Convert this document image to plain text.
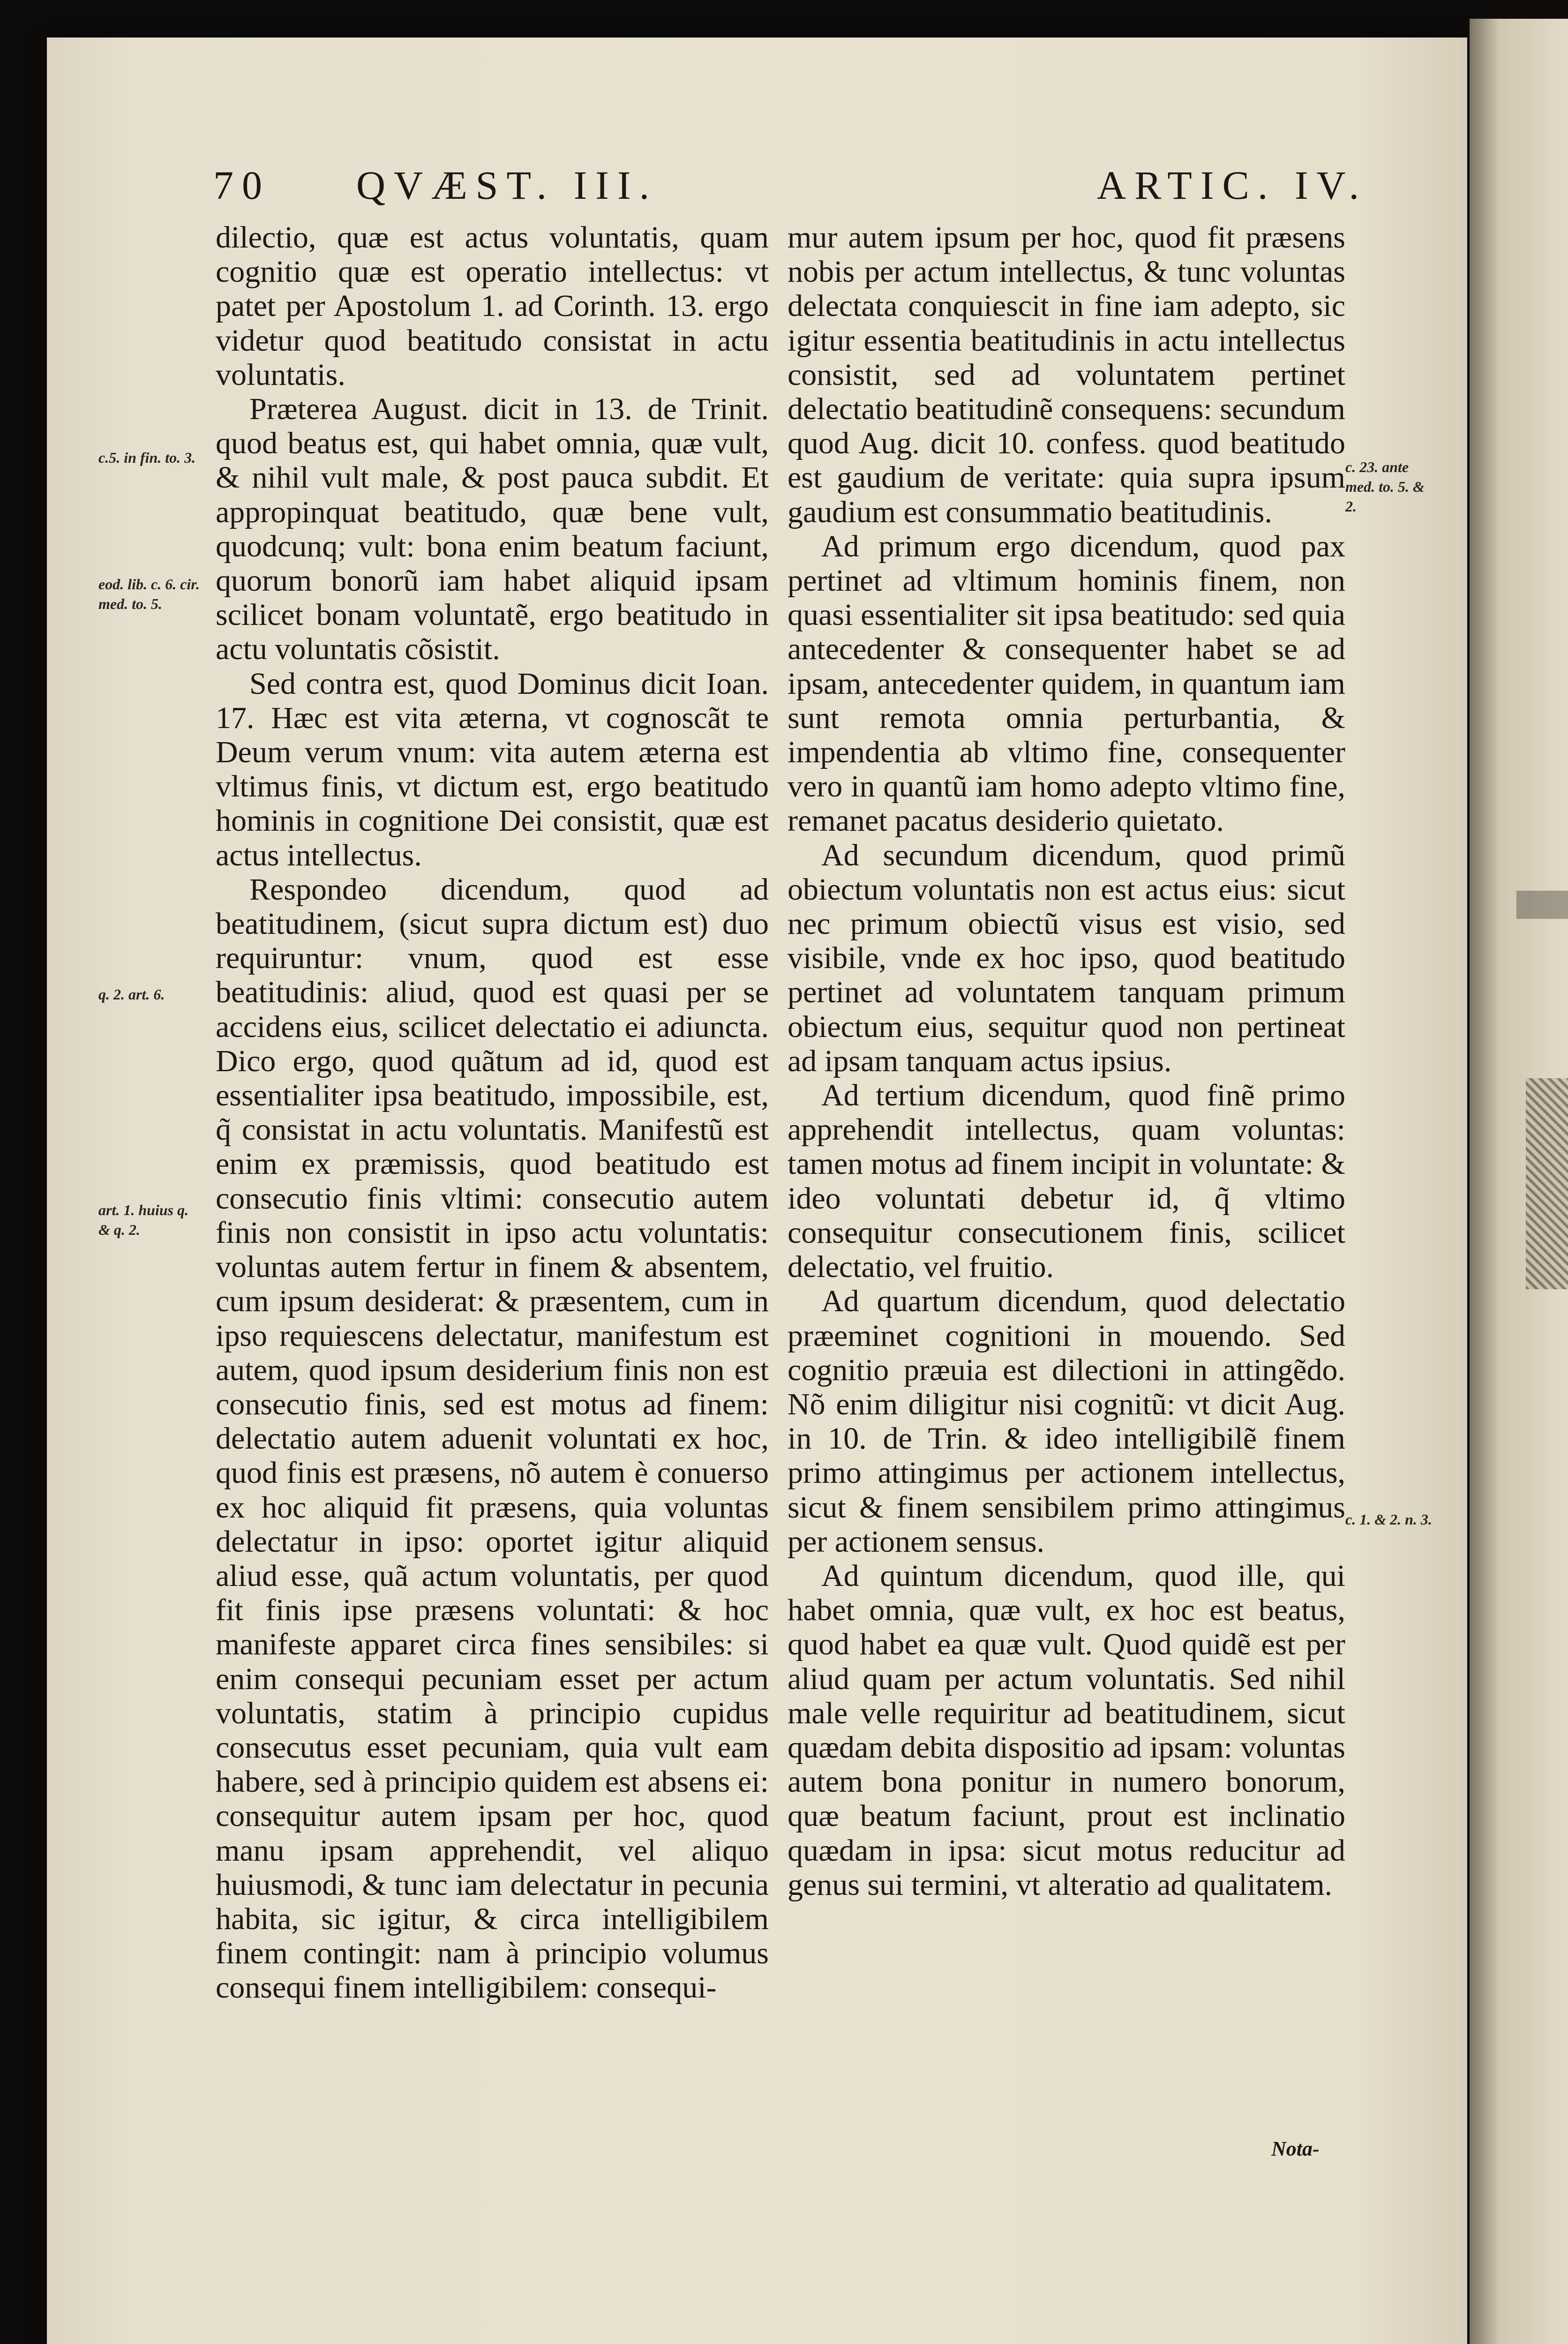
70 QVÆST. III.	ARTIC. IV.

dilectio, quæ est actus voluntatis, quam cognitio quæ est operatio intellectus: vt patet per Apostolum 1. ad Corinth. 13. ergo videtur quod beatitudo consistat in actu voluntatis.

Præterea August. dicit in 13. de Trinit. quod beatus est, qui habet omnia, quæ vult, & nihil vult male, & post pauca subdit. Et appropinquat beatitudo, quæ bene vult, quodcunq; vult: bona enim beatum faciunt, quorum bonorũ iam habet aliquid ipsam scilicet bonam voluntatẽ, ergo beatitudo in actu voluntatis cõsistit.

Sed contra est, quod Dominus dicit Ioan. 17. Hæc est vita æterna, vt cognoscãt te Deum verum vnum: vita autem æterna est vltimus finis, vt dictum est, ergo beatitudo hominis in cognitione Dei consistit, quæ est actus intellectus.

Respondeo dicendum, quod ad beatitudinem, (sicut supra dictum est) duo requiruntur: vnum, quod est esse beatitudinis: aliud, quod est quasi per se accidens eius, scilicet delectatio ei adiuncta. Dico ergo, quod quãtum ad id, quod est essentialiter ipsa beatitudo, impossibile, est, q̃ consistat in actu voluntatis. Manifestũ est enim ex præmissis, quod beatitudo est consecutio finis vltimi: consecutio autem finis non consistit in ipso actu voluntatis: voluntas autem fertur in finem & absentem, cum ipsum desiderat: & præsentem, cum in ipso requiescens delectatur, manifestum est autem, quod ipsum desiderium finis non est consecutio finis, sed est motus ad finem: delectatio autem aduenit voluntati ex hoc, quod finis est præsens, nõ autem è conuerso ex hoc aliquid fit præsens, quia voluntas delectatur in ipso: oportet igitur aliquid aliud esse, quã actum voluntatis, per quod fit finis ipse præsens voluntati: & hoc manifeste apparet circa fines sensibiles: si enim consequi pecuniam esset per actum voluntatis, statim à principio cupidus consecutus esset pecuniam, quia vult eam habere, sed à principio quidem est absens ei: consequitur autem ipsam per hoc, quod manu ipsam apprehendit, vel aliquo huiusmodi, & tunc iam delectatur in pecunia habita, sic igitur, & circa intelligibilem finem contingit: nam à principio volumus consequi finem intelligibilem: consequi-

mur autem ipsum per hoc, quod fit præsens nobis per actum intellectus, & tunc voluntas delectata conquiescit in fine iam adepto, sic igitur essentia beatitudinis in actu intellectus consistit, sed ad voluntatem pertinet delectatio beatitudinẽ consequens: secundum quod Aug. dicit 10. confess. quod beatitudo est gaudium de veritate: quia supra ipsum gaudium est consummatio beatitudinis.

Ad primum ergo dicendum, quod pax pertinet ad vltimum hominis finem, non quasi essentialiter sit ipsa beatitudo: sed quia antecedenter & consequenter habet se ad ipsam, antecedenter quidem, in quantum iam sunt remota omnia perturbantia, & impendentia ab vltimo fine, consequenter vero in quantũ iam homo adepto vltimo fine, remanet pacatus desiderio quietato.

Ad secundum dicendum, quod primũ obiectum voluntatis non est actus eius: sicut nec primum obiectũ visus est visio, sed visibile, vnde ex hoc ipso, quod beatitudo pertinet ad voluntatem tanquam primum obiectum eius, sequitur quod non pertineat ad ipsam tanquam actus ipsius.

Ad tertium dicendum, quod finẽ primo apprehendit intellectus, quam voluntas: tamen motus ad finem incipit in voluntate: & ideo voluntati debetur id, q̃ vltimo consequitur consecutionem finis, scilicet delectatio, vel fruitio.

Ad quartum dicendum, quod delectatio præeminet cognitioni in mouendo. Sed cognitio præuia est dilectioni in attingẽdo. Nõ enim diligitur nisi cognitũ: vt dicit Aug. in 10. de Trin. & ideo intelligibilẽ finem primo attingimus per actionem intellectus, sicut & finem sensibilem primo attingimus per actionem sensus.

Ad quintum dicendum, quod ille, qui habet omnia, quæ vult, ex hoc est beatus, quod habet ea quæ vult. Quod quidẽ est per aliud quam per actum voluntatis. Sed nihil male velle requiritur ad beatitudinem, sicut quædam debita dispositio ad ipsam: voluntas autem bona ponitur in numero bonorum, quæ beatum faciunt, prout est inclinatio quædam in ipsa: sicut motus reducitur ad genus sui termini, vt alteratio ad qualitatem.

c.5. in fin. to. 3.
eod. lib. c. 6. cir. med. to. 5.
q. 2. art. 6.
art. 1. huius q. & q. 2.
c. 23. ante med. to. 5. & 2.
c. 1. & 2. n. 3.
Nota-
